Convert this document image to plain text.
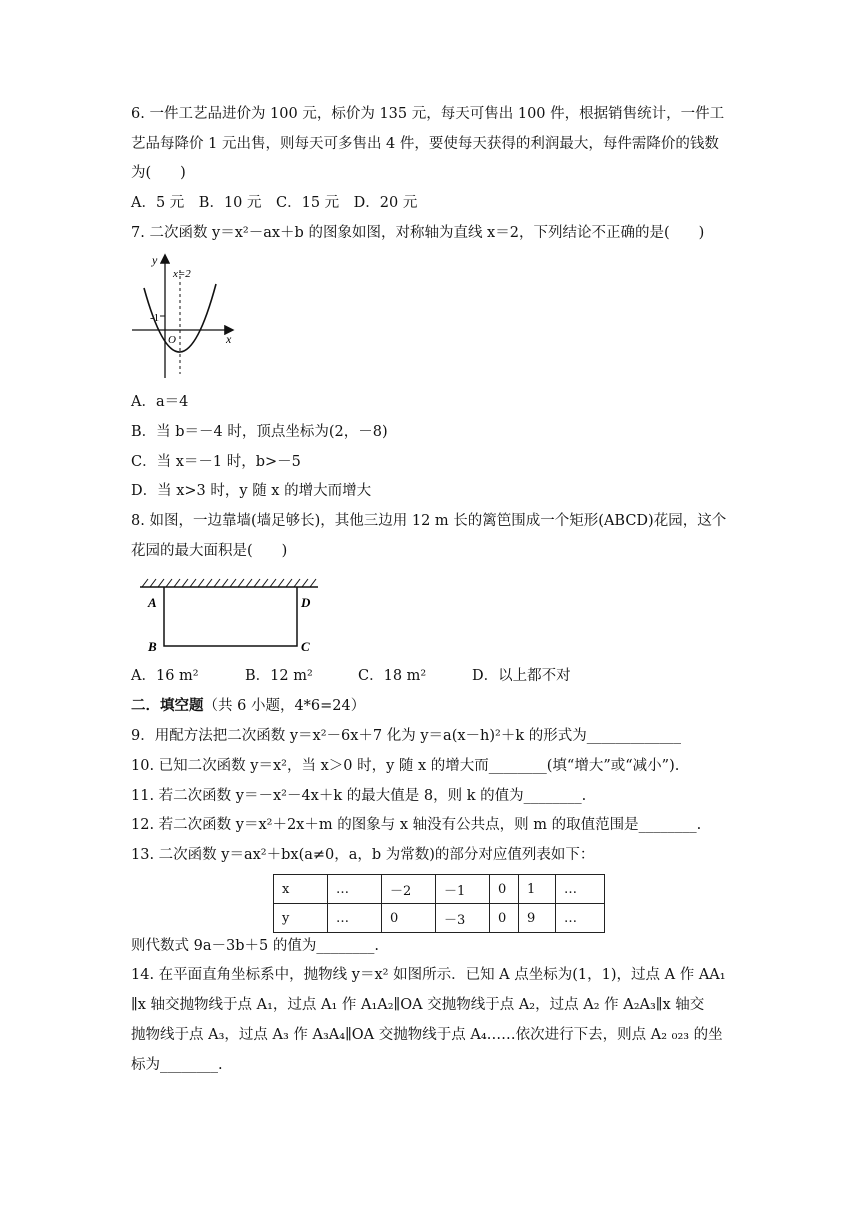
6. 一件工艺品进价为 100 元，标价为 135 元，每天可售出 100 件，根据销售统计，一件工
艺品每降价 1 元出售，则每天可多售出 4 件，要使每天获得的利润最大，每件需降价的钱数
为(　　)
A．5 元　B．10 元　C．15 元　D．20 元
7. 二次函数 y＝x²－ax＋b 的图象如图，对称轴为直线 x＝2，下列结论不正确的是(　　)
y
x
x=2
-1
O
A．a＝4
B．当 b＝－4 时，顶点坐标为(2，－8)
C．当 x＝－1 时，b>－5
D．当 x>3 时，y 随 x 的增大而增大
8. 如图，一边靠墙(墙足够长)，其他三边用 12 m 长的篱笆围成一个矩形(ABCD)花园，这个
花园的最大面积是(　　)
A	D
B	C
A．16 m²	B．12 m²	C．18 m²	D．以上都不对
二．填空题（共 6 小题，4*6=24）
9．用配方法把二次函数 y＝x²－6x＋7 化为 y＝a(x－h)²＋k 的形式为_____________
10. 已知二次函数 y＝x²，当 x＞0 时，y 随 x 的增大而________(填“增大”或“减小”).
11. 若二次函数 y＝－x²－4x＋k 的最大值是 8，则 k 的值为________.
12. 若二次函数 y＝x²＋2x＋m 的图象与 x 轴没有公共点，则 m 的取值范围是________.
13. 二次函数 y＝ax²＋bx(a≠0，a，b 为常数)的部分对应值列表如下：
x	…	－2	－1	0	1	…
y	…	0	－3	0	9	…
则代数式 9a－3b＋5 的值为________.
14. 在平面直角坐标系中，抛物线 y＝x² 如图所示．已知 A 点坐标为(1，1)，过点 A 作 AA₁
∥x 轴交抛物线于点 A₁，过点 A₁ 作 A₁A₂∥OA 交抛物线于点 A₂，过点 A₂ 作 A₂A₃∥x 轴交
抛物线于点 A₃，过点 A₃ 作 A₃A₄∥OA 交抛物线于点 A₄……依次进行下去，则点 A₂ ₀₂₃ 的坐
标为________.
